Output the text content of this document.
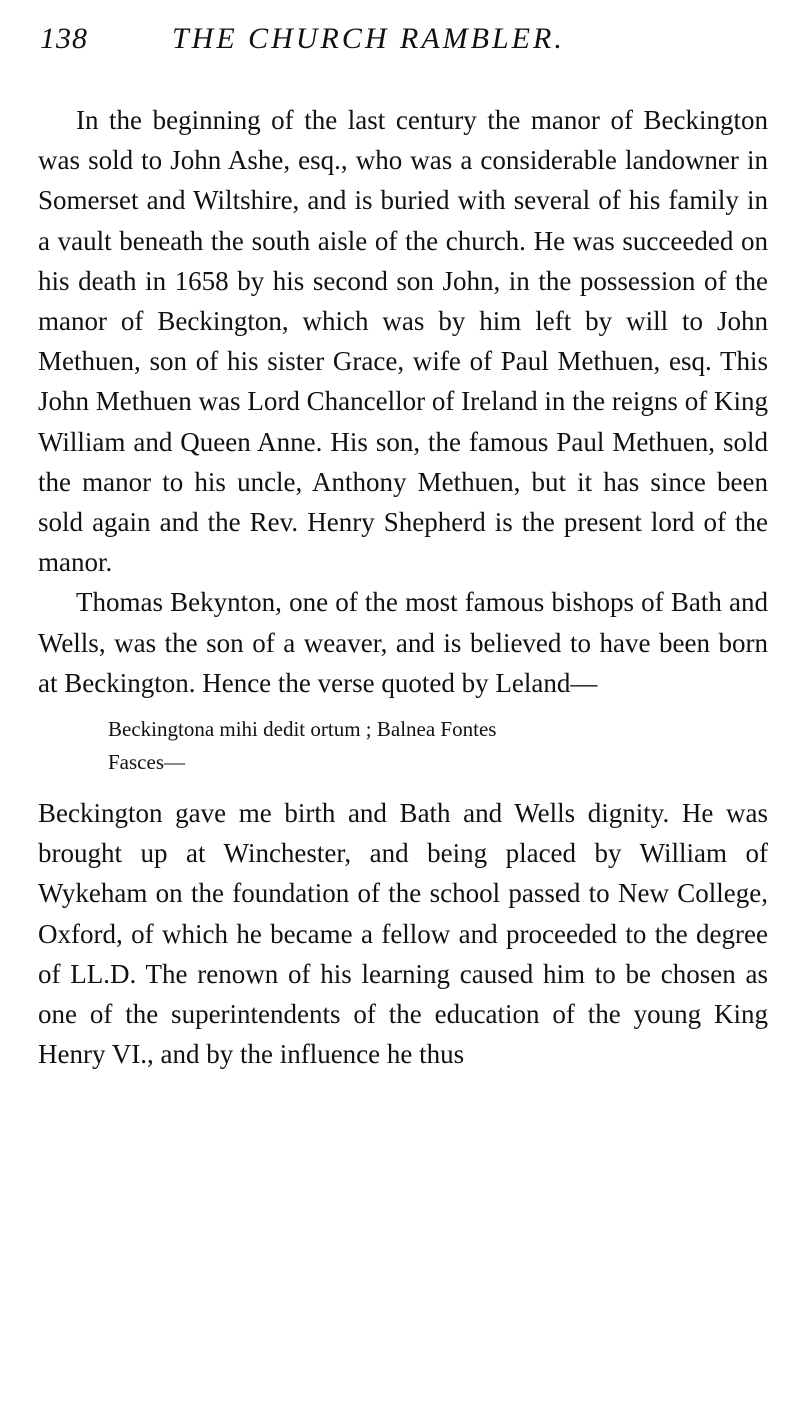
138	THE CHURCH RAMBLER.

In the beginning of the last century the manor of Beckington was sold to John Ashe, esq., who was a considerable landowner in Somerset and Wiltshire, and is buried with several of his family in a vault beneath the south aisle of the church. He was succeeded on his death in 1658 by his second son John, in the possession of the manor of Beckington, which was by him left by will to John Methuen, son of his sister Grace, wife of Paul Methuen, esq. This John Methuen was Lord Chancellor of Ireland in the reigns of King William and Queen Anne. His son, the famous Paul Methuen, sold the manor to his uncle, Anthony Methuen, but it has since been sold again and the Rev. Henry Shepherd is the present lord of the manor.

Thomas Bekynton, one of the most famous bishops of Bath and Wells, was the son of a weaver, and is believed to have been born at Beckington. Hence the verse quoted by Leland—

Beckingtona mihi dedit ortum ; Balnea Fontes
Fasces—

Beckington gave me birth and Bath and Wells dignity. He was brought up at Winchester, and being placed by William of Wykeham on the foundation of the school passed to New College, Oxford, of which he became a fellow and proceeded to the degree of LL.D. The renown of his learning caused him to be chosen as one of the superintendents of the education of the young King Henry VI., and by the influence he thus
